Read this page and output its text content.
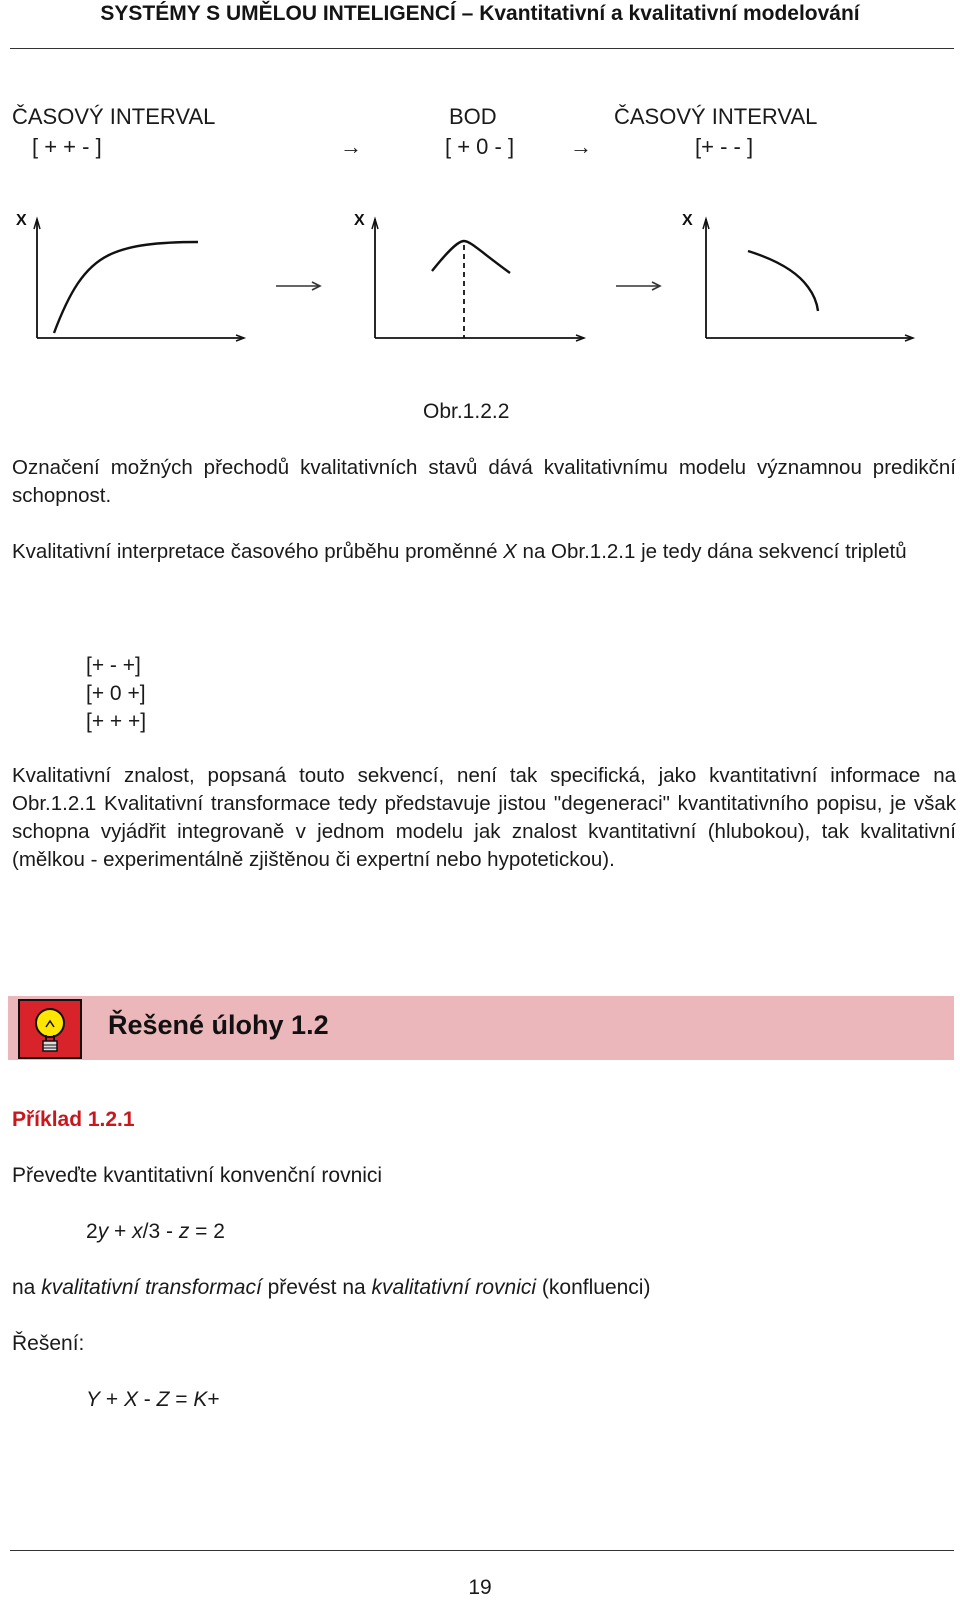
SYSTÉMY S UMĚLOU INTELIGENCÍ – Kvantitativní a kvalitativní modelování
ČASOVÝ INTERVAL	BOD	ČASOVÝ INTERVAL
[ + + - ]	→	[ + 0 - ]	→	[+ - - ]
X	X	X
Obr.1.2.2
Označení možných přechodů kvalitativních stavů dává kvalitativnímu modelu významnou predikční schopnost.
Kvalitativní interpretace časového průběhu proměnné X na Obr.1.2.1 je tedy dána sekvencí tripletů
[+ - +]
[+ 0 +]
[+ + +]
Kvalitativní znalost, popsaná touto sekvencí, není tak specifická, jako kvantitativní informace na Obr.1.2.1 Kvalitativní transformace tedy představuje jistou "degeneraci" kvantitativního popisu, je však schopna vyjádřit integrovaně v jednom modelu jak znalost kvantitativní (hlubokou), tak kvalitativní (mělkou - experimentálně zjištěnou či expertní nebo hypotetickou).
Řešené úlohy 1.2
Příklad 1.2.1
Převeďte kvantitativní konvenční rovnici
2y + x/3 - z = 2
na kvalitativní transformací převést na kvalitativní rovnici (konfluenci)
Řešení:
Y + X - Z = K+
19
